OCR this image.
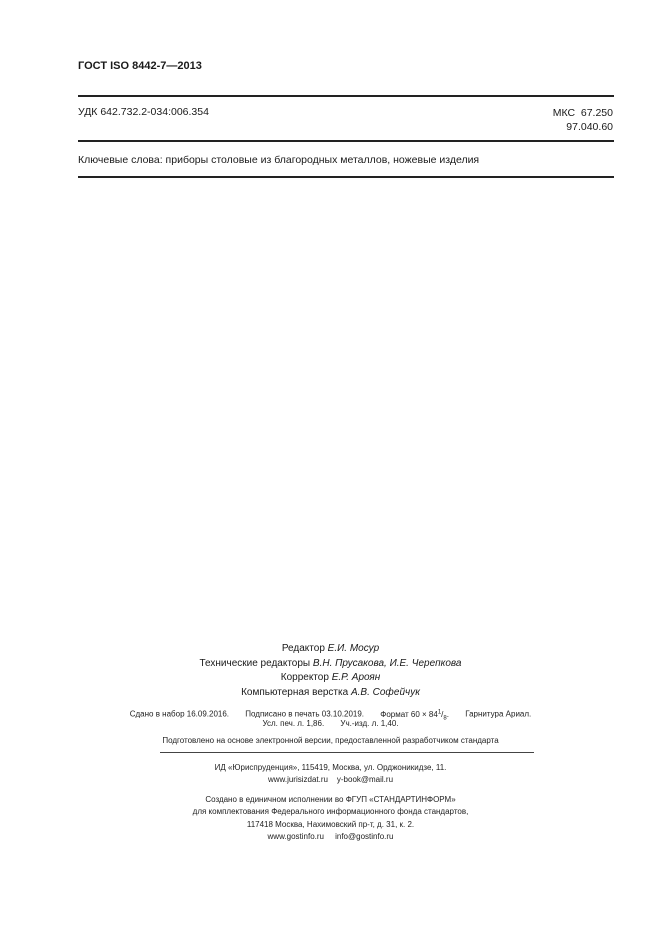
ГОСТ ISO 8442-7—2013
УДК 642.732.2-034:006.354	МКС 67.250
97.040.60
Ключевые слова: приборы столовые из благородных металлов, ножевые изделия
Редактор Е.И. Мосур
Технические редакторы В.Н. Прусакова, И.Е. Черепкова
Корректор Е.Р. Ароян
Компьютерная верстка А.В. Софейчук
Сдано в набор 16.09.2016. Подписано в печать 03.10.2019. Формат $60 \times 84^1/_8$. Гарнитура Ариал.
Усл. печ. л. 1,86. Уч.-изд. л. 1,40.
Подготовлено на основе электронной версии, предоставленной разработчиком стандарта
ИД «Юриспруденция», 115419, Москва, ул. Орджоникидзе, 11.
www.jurisizdat.ru y-book@mail.ru
Создано в единичном исполнении во ФГУП «СТАНДАРТИНФОРМ»
для комплектования Федерального информационного фонда стандартов,
117418 Москва, Нахимовский пр-т, д. 31, к. 2.
www.gostinfo.ru info@gostinfo.ru
